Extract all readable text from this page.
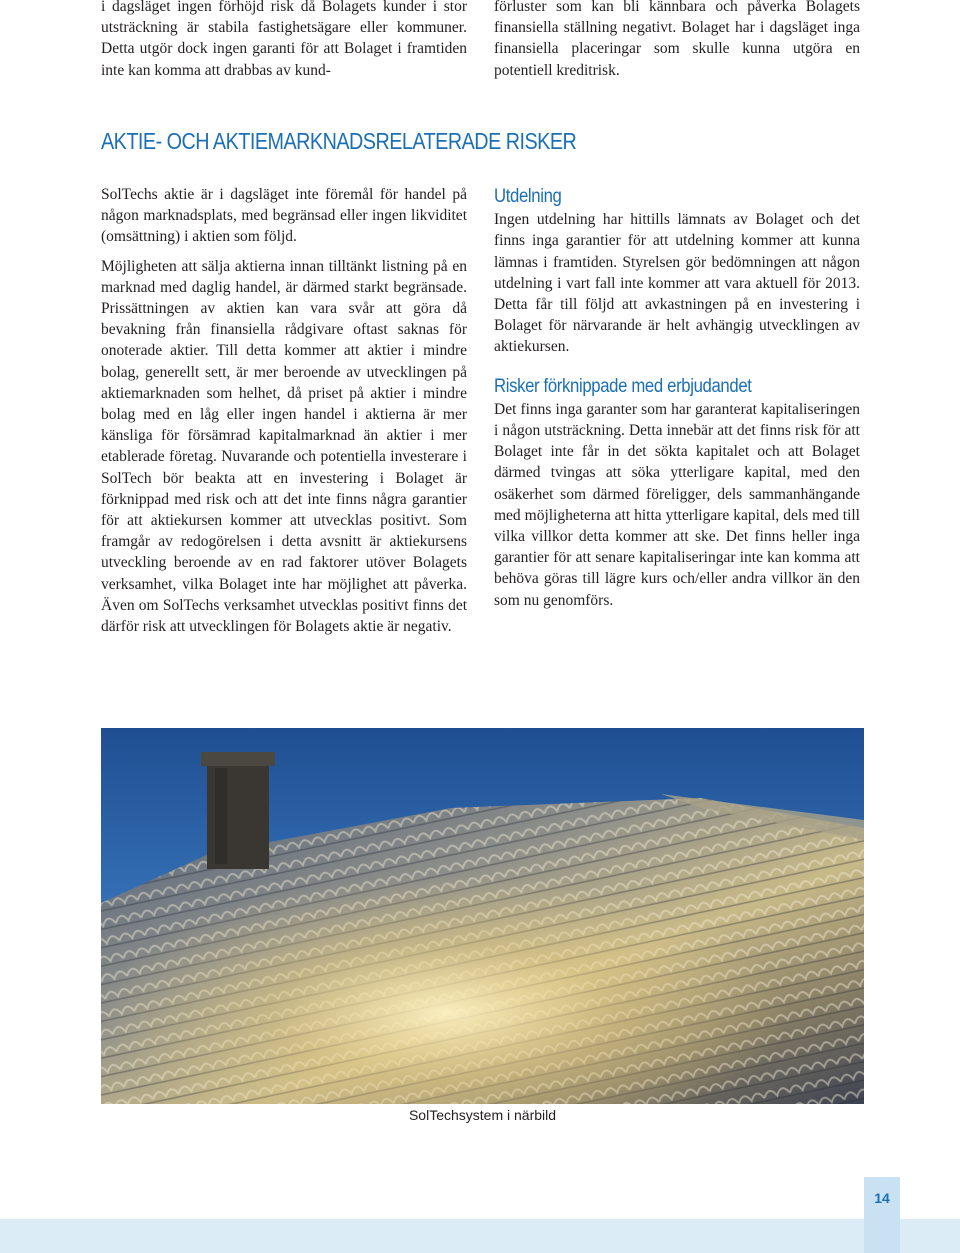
i dagsläget ingen förhöjd risk då Bolagets kunder i stor utsträckning är stabila fastighetsägare eller kommuner. Detta utgör dock ingen garanti för att Bolaget i framtiden inte kan komma att drabbas av kund-

förluster som kan bli kännbara och påverka Bolagets finansiella ställning negativt. Bolaget har i dagsläget inga finansiella placeringar som skulle kunna utgöra en potentiell kreditrisk.

AKTIE- OCH AKTIEMARKNADSRELATERADE RISKER

SolTechs aktie är i dagsläget inte föremål för handel på någon marknadsplats, med begränsad eller ingen likviditet (omsättning) i aktien som följd.

Möjligheten att sälja aktierna innan tilltänkt listning på en marknad med daglig handel, är därmed starkt begränsade. Prissättningen av aktien kan vara svår att göra då bevakning från finansiella rådgivare oftast saknas för onoterade aktier. Till detta kommer att aktier i mindre bolag, generellt sett, är mer beroende av utvecklingen på aktiemarknaden som helhet, då priset på aktier i mindre bolag med en låg eller ingen handel i aktierna är mer känsliga för försämrad kapitalmarknad än aktier i mer etablerade företag. Nuvarande och potentiella investerare i SolTech bör beakta att en investering i Bolaget är förknippad med risk och att det inte finns några garantier för att aktiekursen kommer att utvecklas positivt. Som framgår av redogörelsen i detta avsnitt är aktiekursens utveckling beroende av en rad faktorer utöver Bolagets verksamhet, vilka Bolaget inte har möjlighet att påverka. Även om SolTechs verksamhet utvecklas positivt finns det därför risk att utvecklingen för Bolagets aktie är negativ.

Utdelning

Ingen utdelning har hittills lämnats av Bolaget och det finns inga garantier för att utdelning kommer att kunna lämnas i framtiden. Styrelsen gör bedömningen att någon utdelning i vart fall inte kommer att vara aktuell för 2013. Detta får till följd att avkastningen på en investering i Bolaget för närvarande är helt avhängig utvecklingen av aktiekursen.

Risker förknippade med erbjudandet

Det finns inga garanter som har garanterat kapitaliseringen i någon utsträckning. Detta innebär att det finns risk för att Bolaget inte får in det sökta kapitalet och att Bolaget därmed tvingas att söka ytterligare kapital, med den osäkerhet som därmed föreligger, dels sammanhängande med möjligheterna att hitta ytterligare kapital, dels med till vilka villkor detta kommer att ske. Det finns heller inga garantier för att senare kapitaliseringar inte kan komma att behöva göras till lägre kurs och/eller andra villkor än den som nu genomförs.

SolTechsystem i närbild
14
